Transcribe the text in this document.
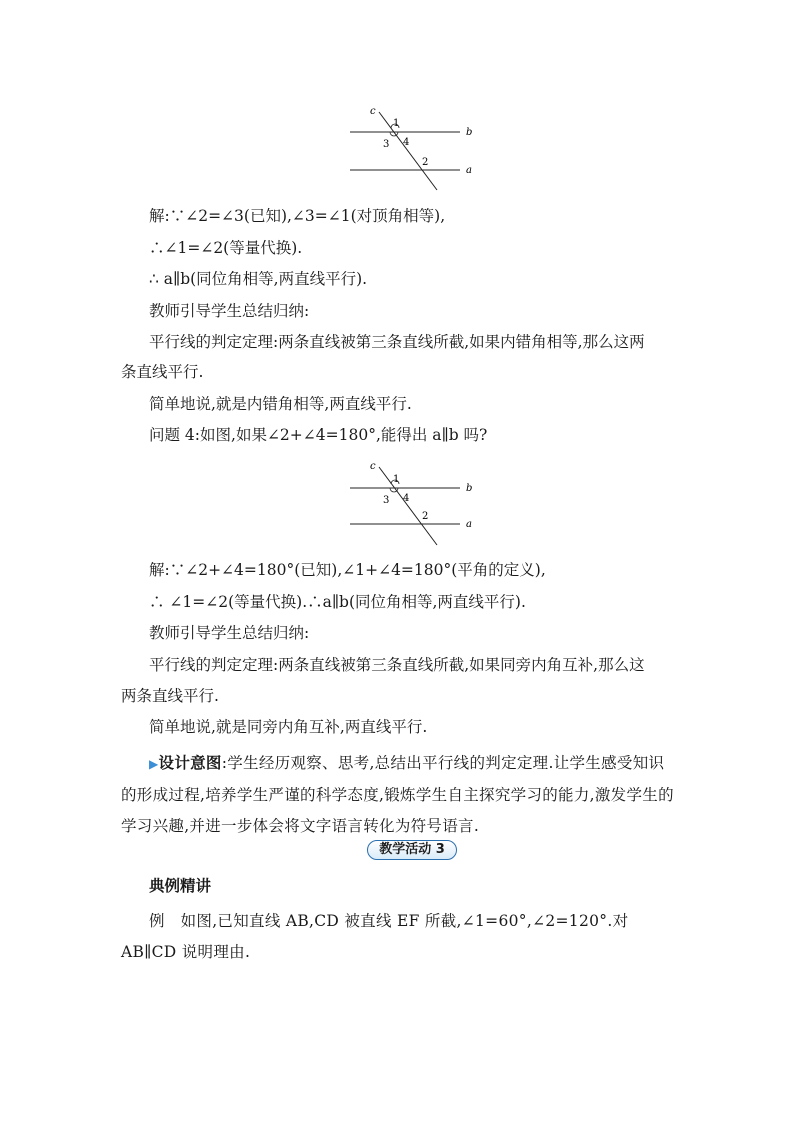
c
b
a
1
3 4
2
解:∵∠2=∠3(已知),∠3=∠1(对顶角相等),
∴∠1=∠2(等量代换).
∴ a∥b(同位角相等,两直线平行).
教师引导学生总结归纳:
平行线的判定定理:两条直线被第三条直线所截,如果内错角相等,那么这两
条直线平行.
简单地说,就是内错角相等,两直线平行.
问题 4:如图,如果∠2+∠4=180°,能得出 a∥b 吗?
c
b
a
1
3 4
2
解:∵∠2+∠4=180°(已知),∠1+∠4=180°(平角的定义),
∴ ∠1=∠2(等量代换).∴a∥b(同位角相等,两直线平行).
教师引导学生总结归纳:
平行线的判定定理:两条直线被第三条直线所截,如果同旁内角互补,那么这
两条直线平行.
简单地说,就是同旁内角互补,两直线平行.
▶设计意图:学生经历观察、思考,总结出平行线的判定定理.让学生感受知识的形成过程,培养学生严谨的科学态度,锻炼学生自主探究学习的能力,激发学生的学习兴趣,并进一步体会将文字语言转化为符号语言.
教学活动 3
典例精讲
例　如图,已知直线 AB,CD 被直线 EF 所截,∠1=60°,∠2=120°.对 AB∥CD 说明理由.
